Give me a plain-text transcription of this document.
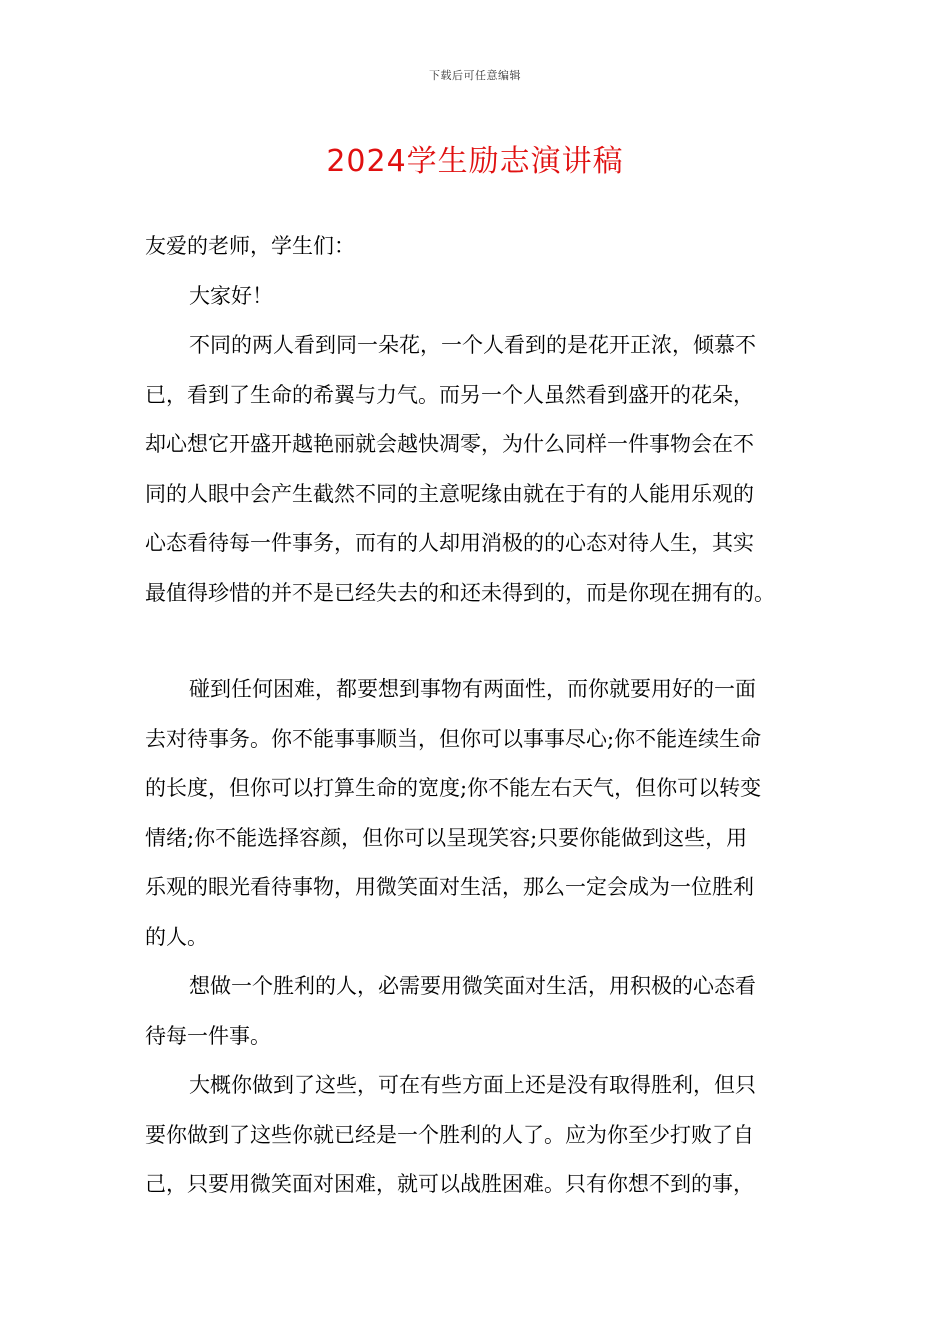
下载后可任意编辑
2024学生励志演讲稿
友爱的老师，学生们：
大家好！
不同的两人看到同一朵花，一个人看到的是花开正浓，倾慕不
已，看到了生命的希翼与力气。而另一个人虽然看到盛开的花朵，
却心想它开盛开越艳丽就会越快凋零，为什么同样一件事物会在不
同的人眼中会产生截然不同的主意呢缘由就在于有的人能用乐观的
心态看待每一件事务，而有的人却用消极的的心态对待人生，其实
最值得珍惜的并不是已经失去的和还未得到的，而是你现在拥有的。
碰到任何困难，都要想到事物有两面性，而你就要用好的一面
去对待事务。你不能事事顺当，但你可以事事尽心;你不能连续生命
的长度，但你可以打算生命的宽度;你不能左右天气，但你可以转变
情绪;你不能选择容颜，但你可以呈现笑容;只要你能做到这些，用
乐观的眼光看待事物，用微笑面对生活，那么一定会成为一位胜利
的人。
想做一个胜利的人，必需要用微笑面对生活，用积极的心态看
待每一件事。
大概你做到了这些，可在有些方面上还是没有取得胜利，但只
要你做到了这些你就已经是一个胜利的人了。应为你至少打败了自
己，只要用微笑面对困难，就可以战胜困难。只有你想不到的事，
